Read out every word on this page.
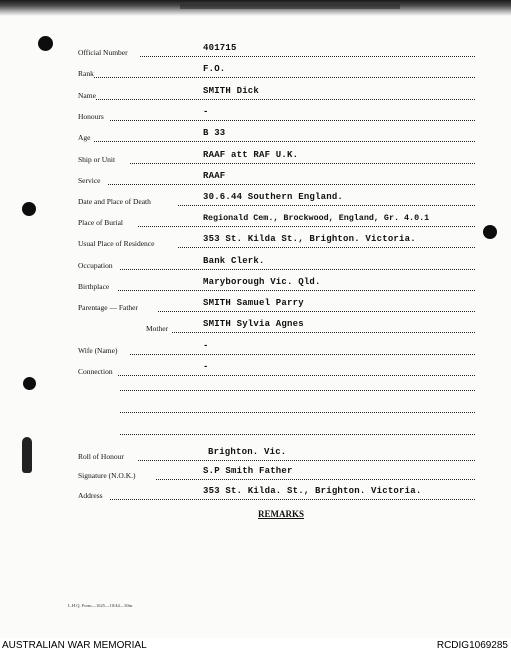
Official Number	401715
Rank	F.O.
Name	SMITH Dick
Honours	-
Age	B 33
Ship or Unit	RAAF att RAF U.K.
Service	RAAF
Date and Place of Death	30.6.44 Southern England.
Place of Burial	Regionald Cem., Brockwood, England, Gr. 4.0.1
Usual Place of Residence	353 St. Kilda St., Brighton. Victoria.
Occupation	Bank Clerk.
Birthplace	Maryborough Vic. Qld.
Parentage — Father	SMITH Samuel Parry
Mother	SMITH Sylvia Agnes
Wife (Name)	-
Connection	-
Roll of Honour	Brighton. Vic.
Signature (N.O.K.)	S.P Smith Father
Address	353 St. Kilda. St., Brighton. Victoria.
REMARKS
L.H.Q. Form—1625—10/44—30m.
AUSTRALIAN WAR MEMORIAL	RCDIG1069285
